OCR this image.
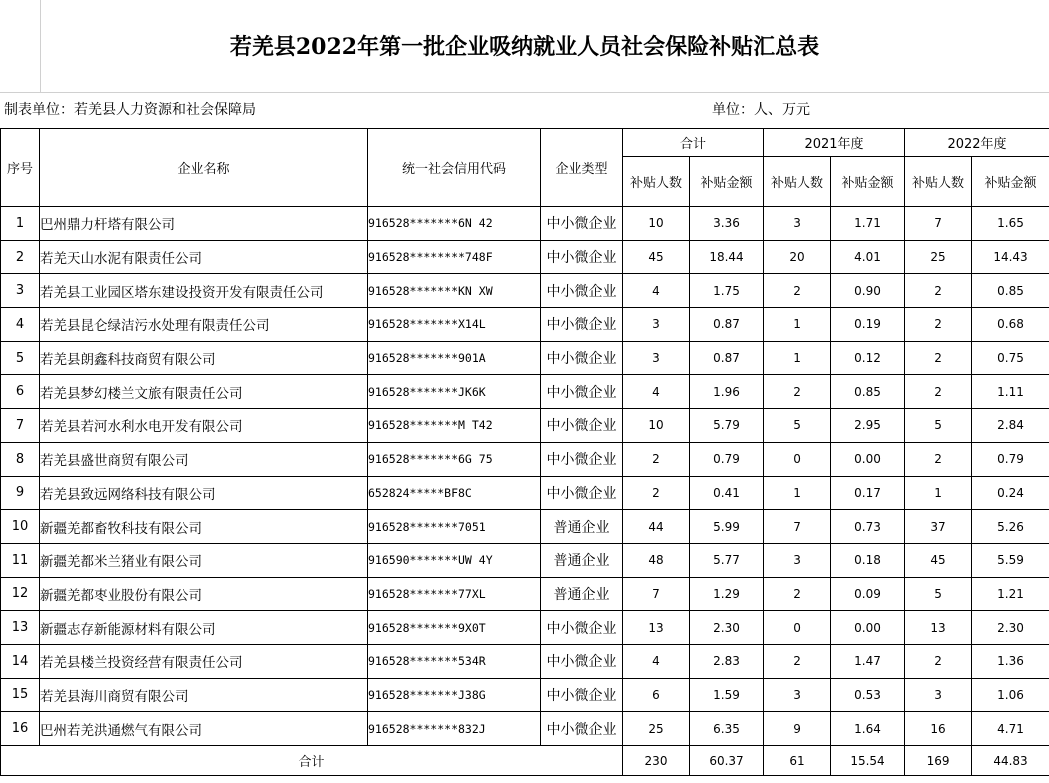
若羌县2022年第一批企业吸纳就业人员社会保险补贴汇总表
制表单位：若羌县人力资源和社会保障局	单位：人、万元
序号	企业名称	统一社会信用代码	企业类型	合计		2021年度		2022年度	
				补贴人数	补贴金额	补贴人数	补贴金额	补贴人数	补贴金额
1	巴州鼎力杆塔有限公司	916528*******6N 42	中小微企业	10	3.36	3	1.71	7	1.65
2	若羌天山水泥有限责任公司	916528********748F	中小微企业	45	18.44	20	4.01	25	14.43
3	若羌县工业园区塔东建设投资开发有限责任公司	916528*******KN XW	中小微企业	4	1.75	2	0.90	2	0.85
4	若羌县昆仑绿洁污水处理有限责任公司	916528*******X14L	中小微企业	3	0.87	1	0.19	2	0.68
5	若羌县朗鑫科技商贸有限公司	916528*******901A	中小微企业	3	0.87	1	0.12	2	0.75
6	若羌县梦幻楼兰文旅有限责任公司	916528*******JK6K	中小微企业	4	1.96	2	0.85	2	1.11
7	若羌县若河水利水电开发有限公司	916528*******M T42	中小微企业	10	5.79	5	2.95	5	2.84
8	若羌县盛世商贸有限公司	916528*******6G 75	中小微企业	2	0.79	0	0.00	2	0.79
9	若羌县致远网络科技有限公司	652824*****BF8C	中小微企业	2	0.41	1	0.17	1	0.24
10	新疆羌都畜牧科技有限公司	916528*******7051	普通企业	44	5.99	7	0.73	37	5.26
11	新疆羌都米兰猪业有限公司	916590*******UW 4Y	普通企业	48	5.77	3	0.18	45	5.59
12	新疆羌都枣业股份有限公司	916528*******77XL	普通企业	7	1.29	2	0.09	5	1.21
13	新疆志存新能源材料有限公司	916528*******9X0T	中小微企业	13	2.30	0	0.00	13	2.30
14	若羌县楼兰投资经营有限责任公司	916528*******534R	中小微企业	4	2.83	2	1.47	2	1.36
15	若羌县海川商贸有限公司	916528*******J38G	中小微企业	6	1.59	3	0.53	3	1.06
16	巴州若羌洪通燃气有限公司	916528*******832J	中小微企业	25	6.35	9	1.64	16	4.71
合计				230	60.37	61	15.54	169	44.83
